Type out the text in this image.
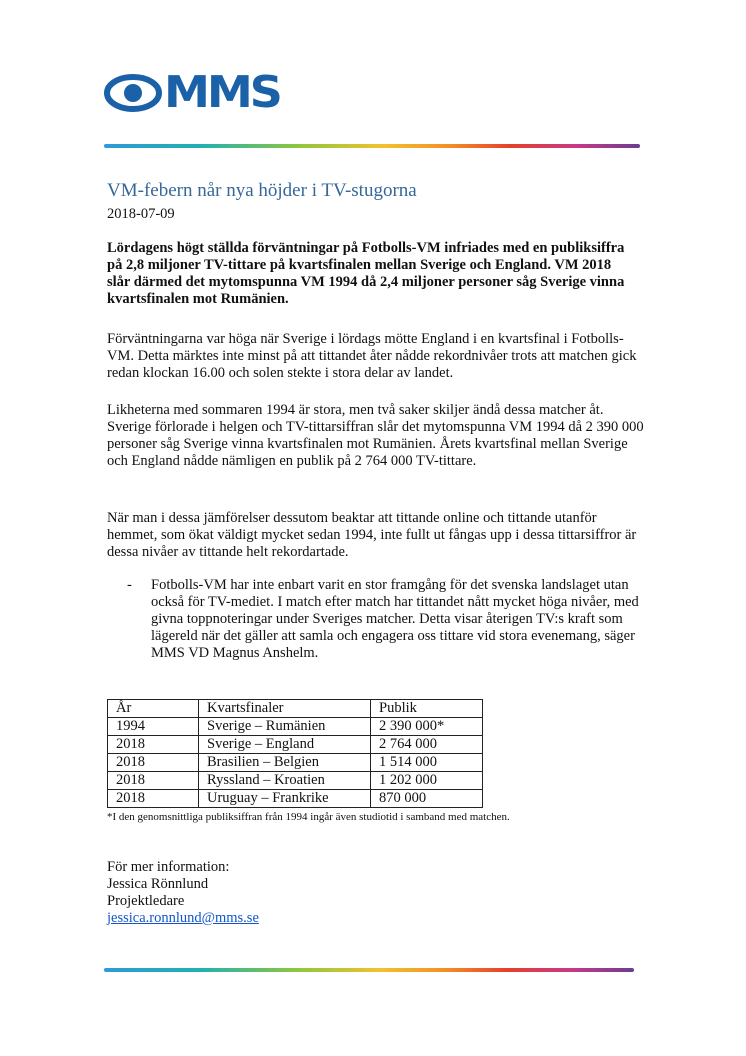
MMS
VM-febern når nya höjder i TV-stugorna
2018-07-09

Lördagens högt ställda förväntningar på Fotbolls-VM infriades med en publiksiffra på 2,8 miljoner TV-tittare på kvartsfinalen mellan Sverige och England. VM 2018 slår därmed det mytomspunna VM 1994 då 2,4 miljoner personer såg Sverige vinna kvartsfinalen mot Rumänien.

Förväntningarna var höga när Sverige i lördags mötte England i en kvartsfinal i Fotbolls-VM. Detta märktes inte minst på att tittandet åter nådde rekordnivåer trots att matchen gick redan klockan 16.00 och solen stekte i stora delar av landet.

Likheterna med sommaren 1994 är stora, men två saker skiljer ändå dessa matcher åt. Sverige förlorade i helgen och TV-tittarsiffran slår det mytomspunna VM 1994 då 2 390 000 personer såg Sverige vinna kvartsfinalen mot Rumänien. Årets kvartsfinal mellan Sverige och England nådde nämligen en publik på 2 764 000 TV-tittare.

När man i dessa jämförelser dessutom beaktar att tittande online och tittande utanför hemmet, som ökat väldigt mycket sedan 1994, inte fullt ut fångas upp i dessa tittarsiffror är dessa nivåer av tittande helt rekordartade.

- Fotbolls-VM har inte enbart varit en stor framgång för det svenska landslaget utan också för TV-mediet. I match efter match har tittandet nått mycket höga nivåer, med givna toppnoteringar under Sveriges matcher. Detta visar återigen TV:s kraft som lägereld när det gäller att samla och engagera oss tittare vid stora evenemang, säger MMS VD Magnus Anshelm.
År	Kvartsfinaler	Publik
1994	Sverige – Rumänien	2 390 000*
2018	Sverige – England	2 764 000
2018	Brasilien – Belgien	1 514 000
2018	Ryssland – Kroatien	1 202 000
2018	Uruguay – Frankrike	870 000
*I den genomsnittliga publiksiffran från 1994 ingår även studiotid i samband med matchen.
För mer information:
Jessica Rönnlund
Projektledare
jessica.ronnlund@mms.se
